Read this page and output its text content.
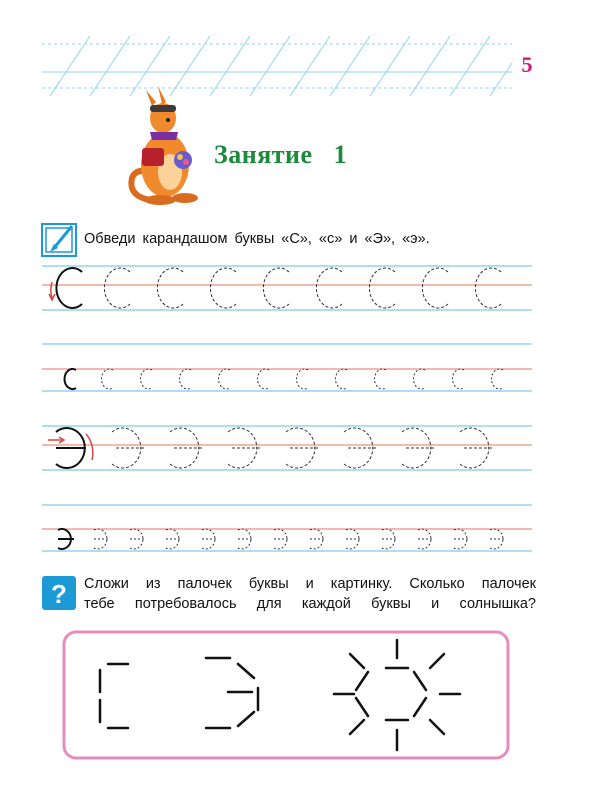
?
5
Занятие   1
Обведи карандашом буквы «С», «с» и «Э», «э».
Сложи из палочек буквы и картинку. Сколько палочек
тебе потребовалось для каждой буквы и солнышка?
